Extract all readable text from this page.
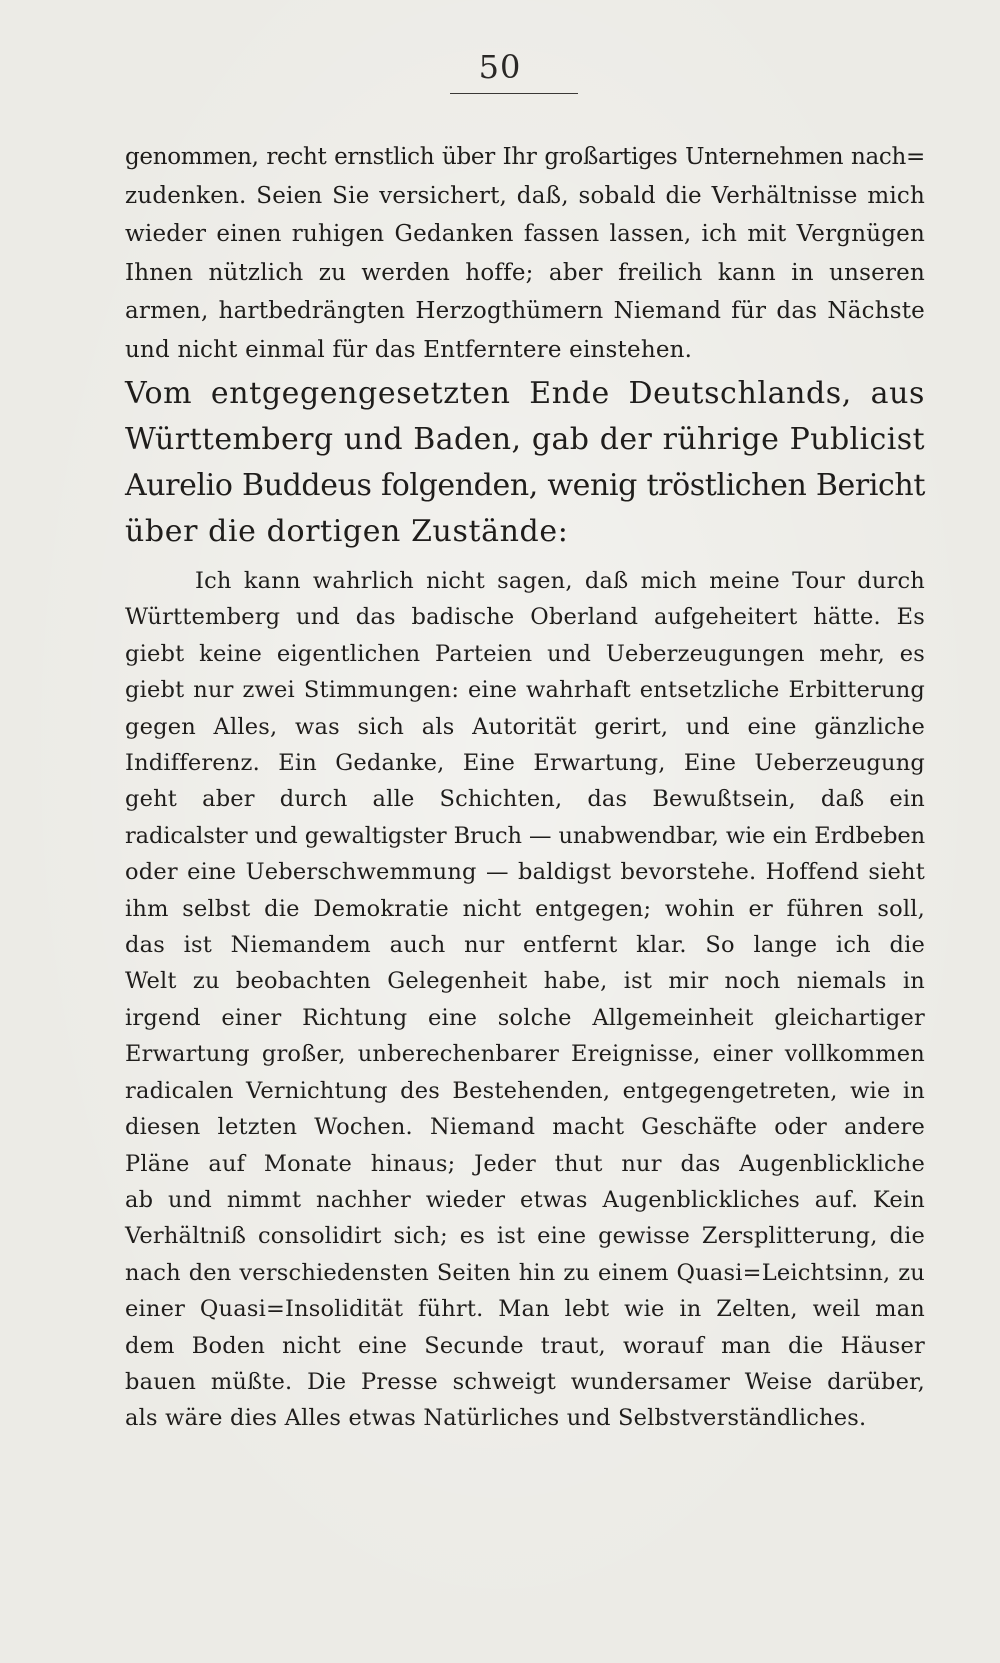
50
genommen, recht ernstlich über Ihr großartiges Unternehmen nach=
zudenken. Seien Sie versichert, daß, sobald die Verhältnisse mich
wieder einen ruhigen Gedanken fassen lassen, ich mit Vergnügen
Ihnen nützlich zu werden hoffe; aber freilich kann in unseren
armen, hartbedrängten Herzogthümern Niemand für das Nächste
und nicht einmal für das Entferntere einstehen.
Vom entgegengesetzten Ende Deutschlands, aus
Württemberg und Baden, gab der rührige Publicist
Aurelio Buddeus folgenden, wenig tröstlichen Bericht
über die dortigen Zustände:
Ich kann wahrlich nicht sagen, daß mich meine Tour durch
Württemberg und das badische Oberland aufgeheitert hätte. Es
giebt keine eigentlichen Parteien und Ueberzeugungen mehr, es
giebt nur zwei Stimmungen: eine wahrhaft entsetzliche Erbitterung
gegen Alles, was sich als Autorität gerirt, und eine gänzliche
Indifferenz. Ein Gedanke, Eine Erwartung, Eine Ueberzeugung
geht aber durch alle Schichten, das Bewußtsein, daß ein
radicalster und gewaltigster Bruch — unabwendbar, wie ein Erdbeben
oder eine Ueberschwemmung — baldigst bevorstehe. Hoffend sieht
ihm selbst die Demokratie nicht entgegen; wohin er führen soll,
das ist Niemandem auch nur entfernt klar. So lange ich die
Welt zu beobachten Gelegenheit habe, ist mir noch niemals in
irgend einer Richtung eine solche Allgemeinheit gleichartiger
Erwartung großer, unberechenbarer Ereignisse, einer vollkommen
radicalen Vernichtung des Bestehenden, entgegengetreten, wie in
diesen letzten Wochen. Niemand macht Geschäfte oder andere
Pläne auf Monate hinaus; Jeder thut nur das Augenblickliche
ab und nimmt nachher wieder etwas Augenblickliches auf. Kein
Verhältniß consolidirt sich; es ist eine gewisse Zersplitterung, die
nach den verschiedensten Seiten hin zu einem Quasi=Leichtsinn, zu
einer Quasi=Insolidität führt. Man lebt wie in Zelten, weil man
dem Boden nicht eine Secunde traut, worauf man die Häuser
bauen müßte. Die Presse schweigt wundersamer Weise darüber,
als wäre dies Alles etwas Natürliches und Selbstverständliches.
